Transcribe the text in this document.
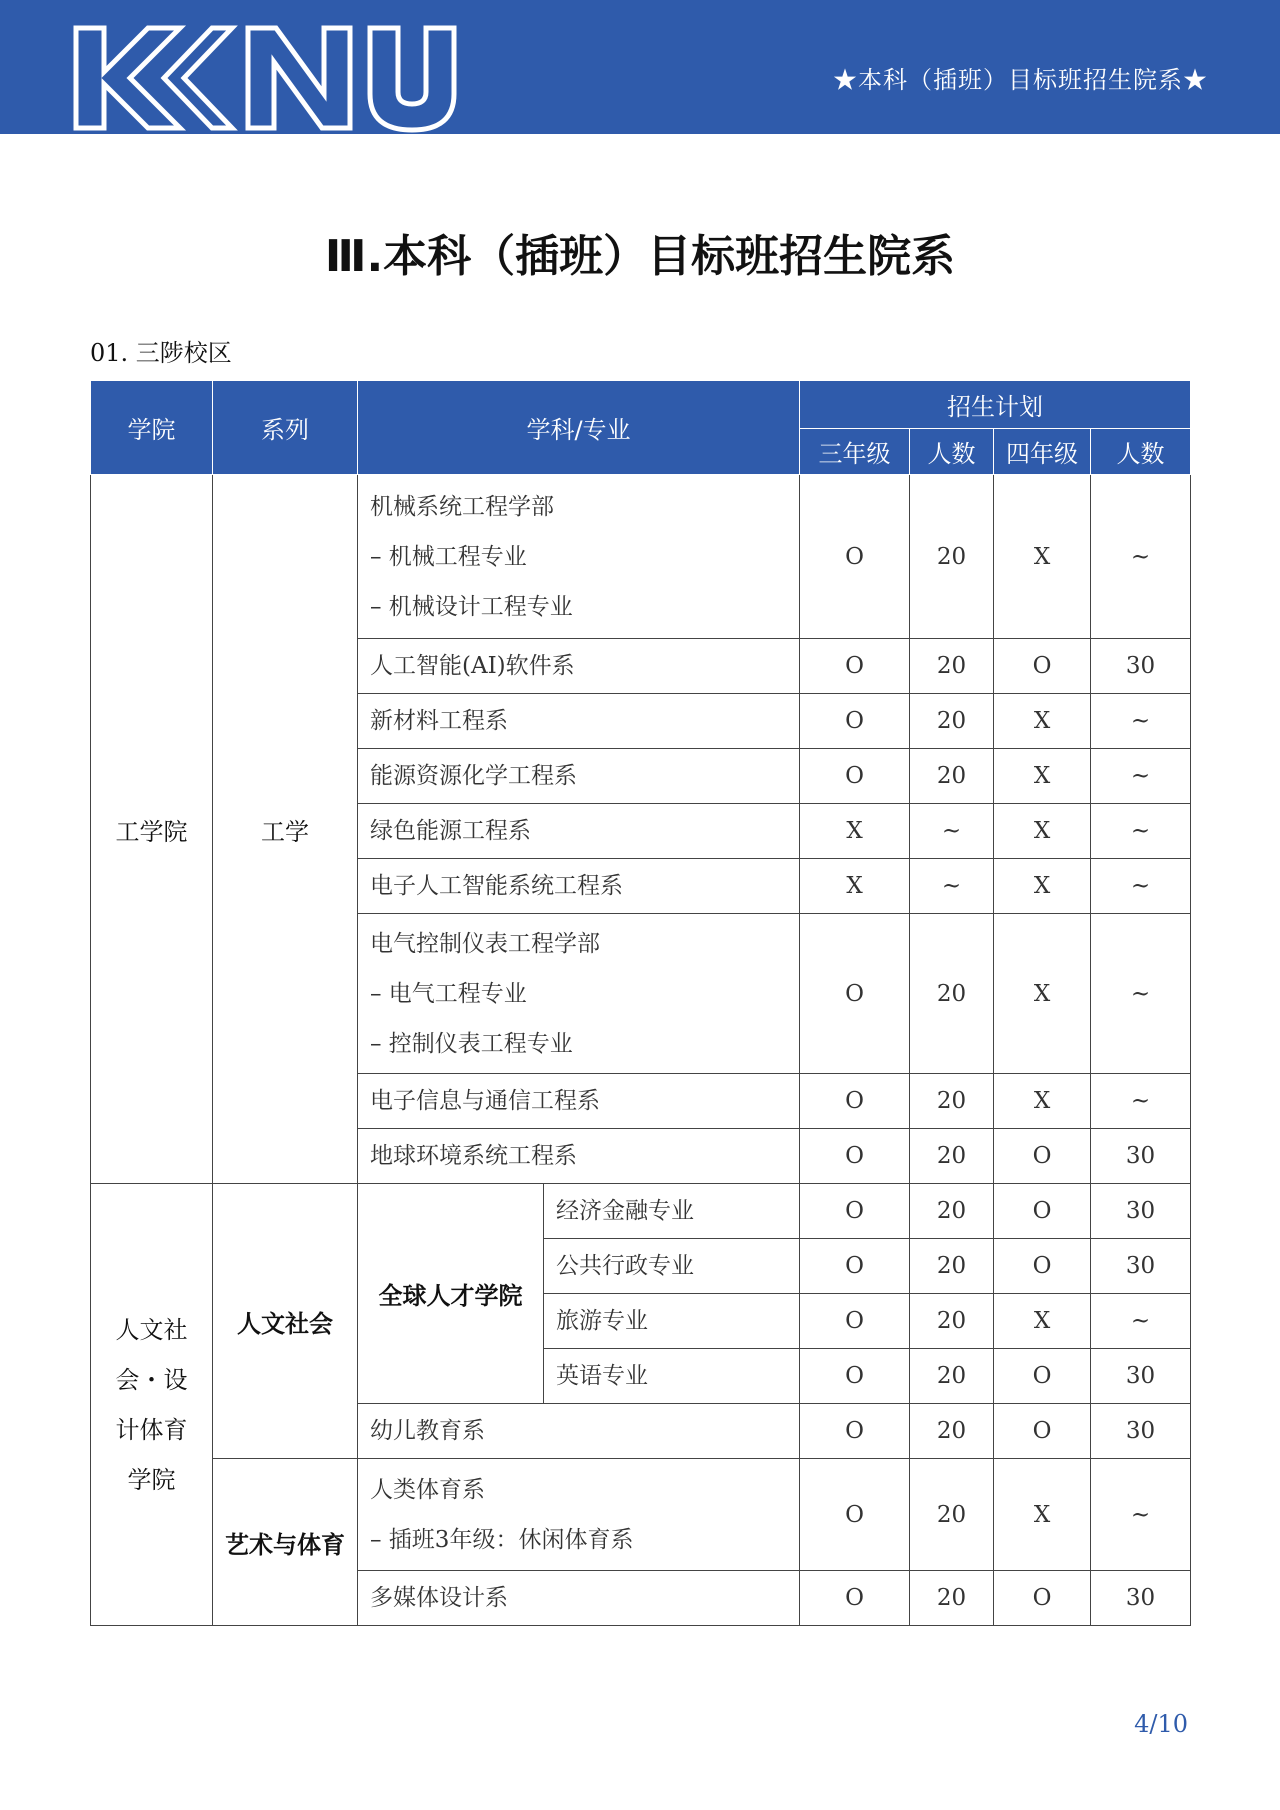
★本科（插班）目标班招生院系★
Ⅲ.本科（插班）目标班招生院系
01. 三陟校区
学院	系列	学科/专业		招生计划			
				三年级	人数	四年级	人数
工学院	工学	机械系统工程学部
– 机械工程专业
– 机械设计工程专业		O	20	X	~

		人工智能(AI)软件系		O	20	O	30

		新材料工程系		O	20	X	~

		能源资源化学工程系		O	20	X	~

		绿色能源工程系		X	~	X	~

		电子人工智能系统工程系		X	~	X	~

		电气控制仪表工程学部
– 电气工程专业
– 控制仪表工程专业		O	20	X	~

		电子信息与通信工程系		O	20	X	~

		地球环境系统工程系		O	20	O	30
人文社会・设计体育学院	人文社会	全球人才学院	经济金融专业	O	20	O	30

			公共行政专业	O	20	O	30

			旅游专业	O	20	X	~

			英语专业	O	20	O	30

		幼儿教育系		O	20	O	30
	艺术与体育	人类体育系
– 插班3年级：休闲体育系		O	20	X	~

		多媒体设计系		O	20	O	30
4/10
